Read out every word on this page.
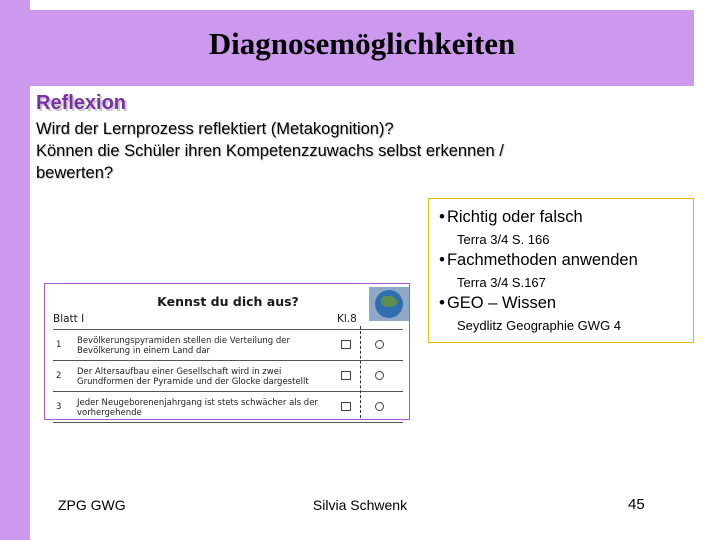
Diagnosemöglichkeiten
Reflexion
Wird der Lernprozess reflektiert (Metakognition)?
Können die Schüler ihren Kompetenzzuwachs selbst erkennen /
bewerten?
• Richtig oder falsch
Terra 3/4 S. 166
• Fachmethoden anwenden
Terra 3/4 S.167
• GEO – Wissen
Seydlitz Geographie GWG 4
Kennst du dich aus?
Blatt I	Kl.8
1	Bevölkerungspyramiden stellen die Verteilung der Bevölkerung in einem Land dar
2	Der Altersaufbau einer Gesellschaft wird in zwei Grundformen der Pyramide und der Glocke dargestellt
3	Jeder Neugeborenenjahrgang ist stets schwächer als der vorhergehende
ZPG GWG	Silvia Schwenk	45
